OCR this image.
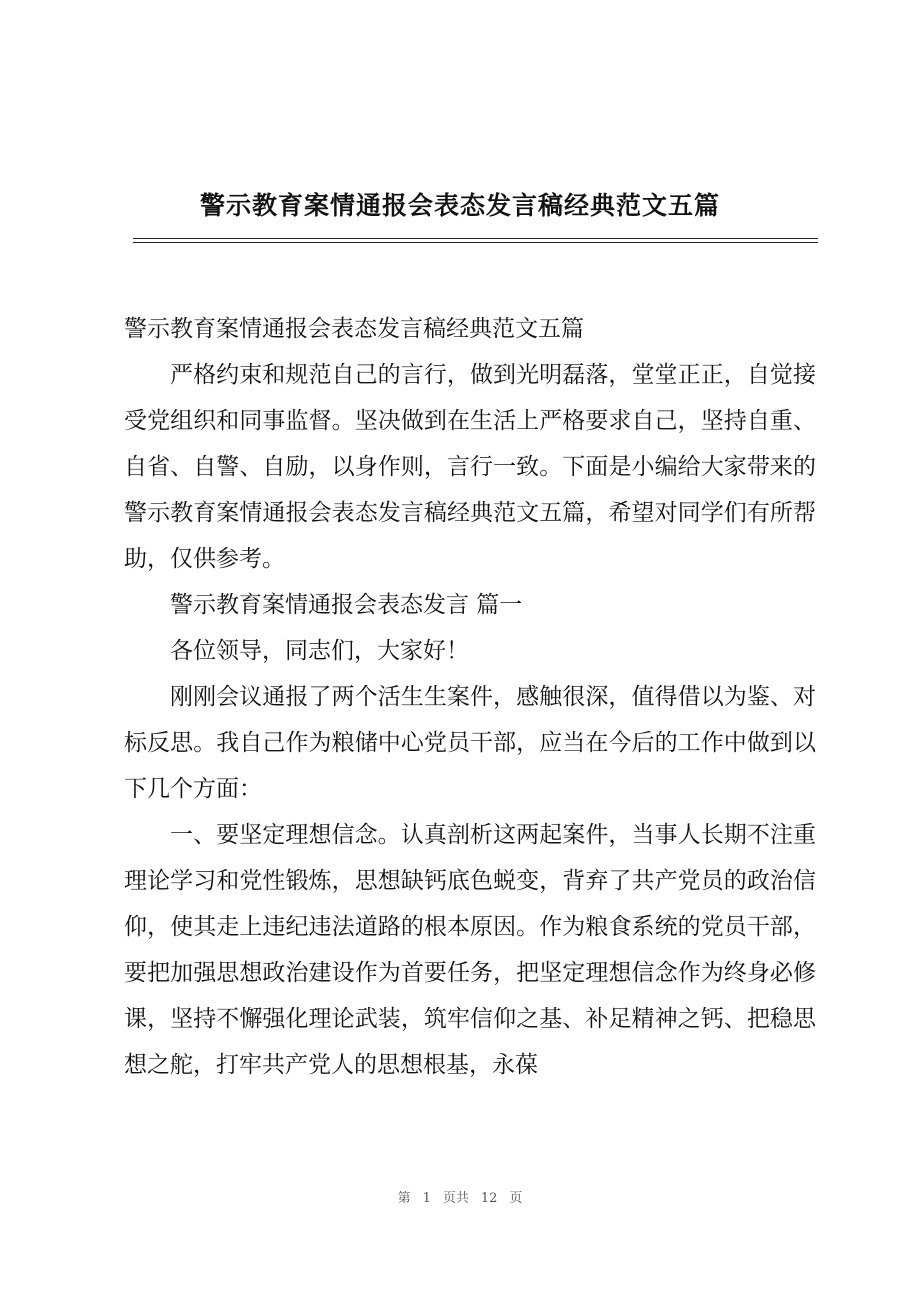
警示教育案情通报会表态发言稿经典范文五篇

警示教育案情通报会表态发言稿经典范文五篇

严格约束和规范自己的言行，做到光明磊落，堂堂正正，自觉接受党组织和同事监督。坚决做到在生活上严格要求自己，坚持自重、自省、自警、自励，以身作则，言行一致。下面是小编给大家带来的警示教育案情通报会表态发言稿经典范文五篇，希望对同学们有所帮助，仅供参考。

警示教育案情通报会表态发言 篇一

各位领导，同志们，大家好！

刚刚会议通报了两个活生生案件，感触很深，值得借以为鉴、对标反思。我自己作为粮储中心党员干部，应当在今后的工作中做到以下几个方面：

一、要坚定理想信念。认真剖析这两起案件，当事人长期不注重理论学习和党性锻炼，思想缺钙底色蜕变，背弃了共产党员的政治信仰，使其走上违纪违法道路的根本原因。作为粮食系统的党员干部，要把加强思想政治建设作为首要任务，把坚定理想信念作为终身必修课，坚持不懈强化理论武装，筑牢信仰之基、补足精神之钙、把稳思想之舵，打牢共产党人的思想根基，永葆

第 1 页共 12 页
